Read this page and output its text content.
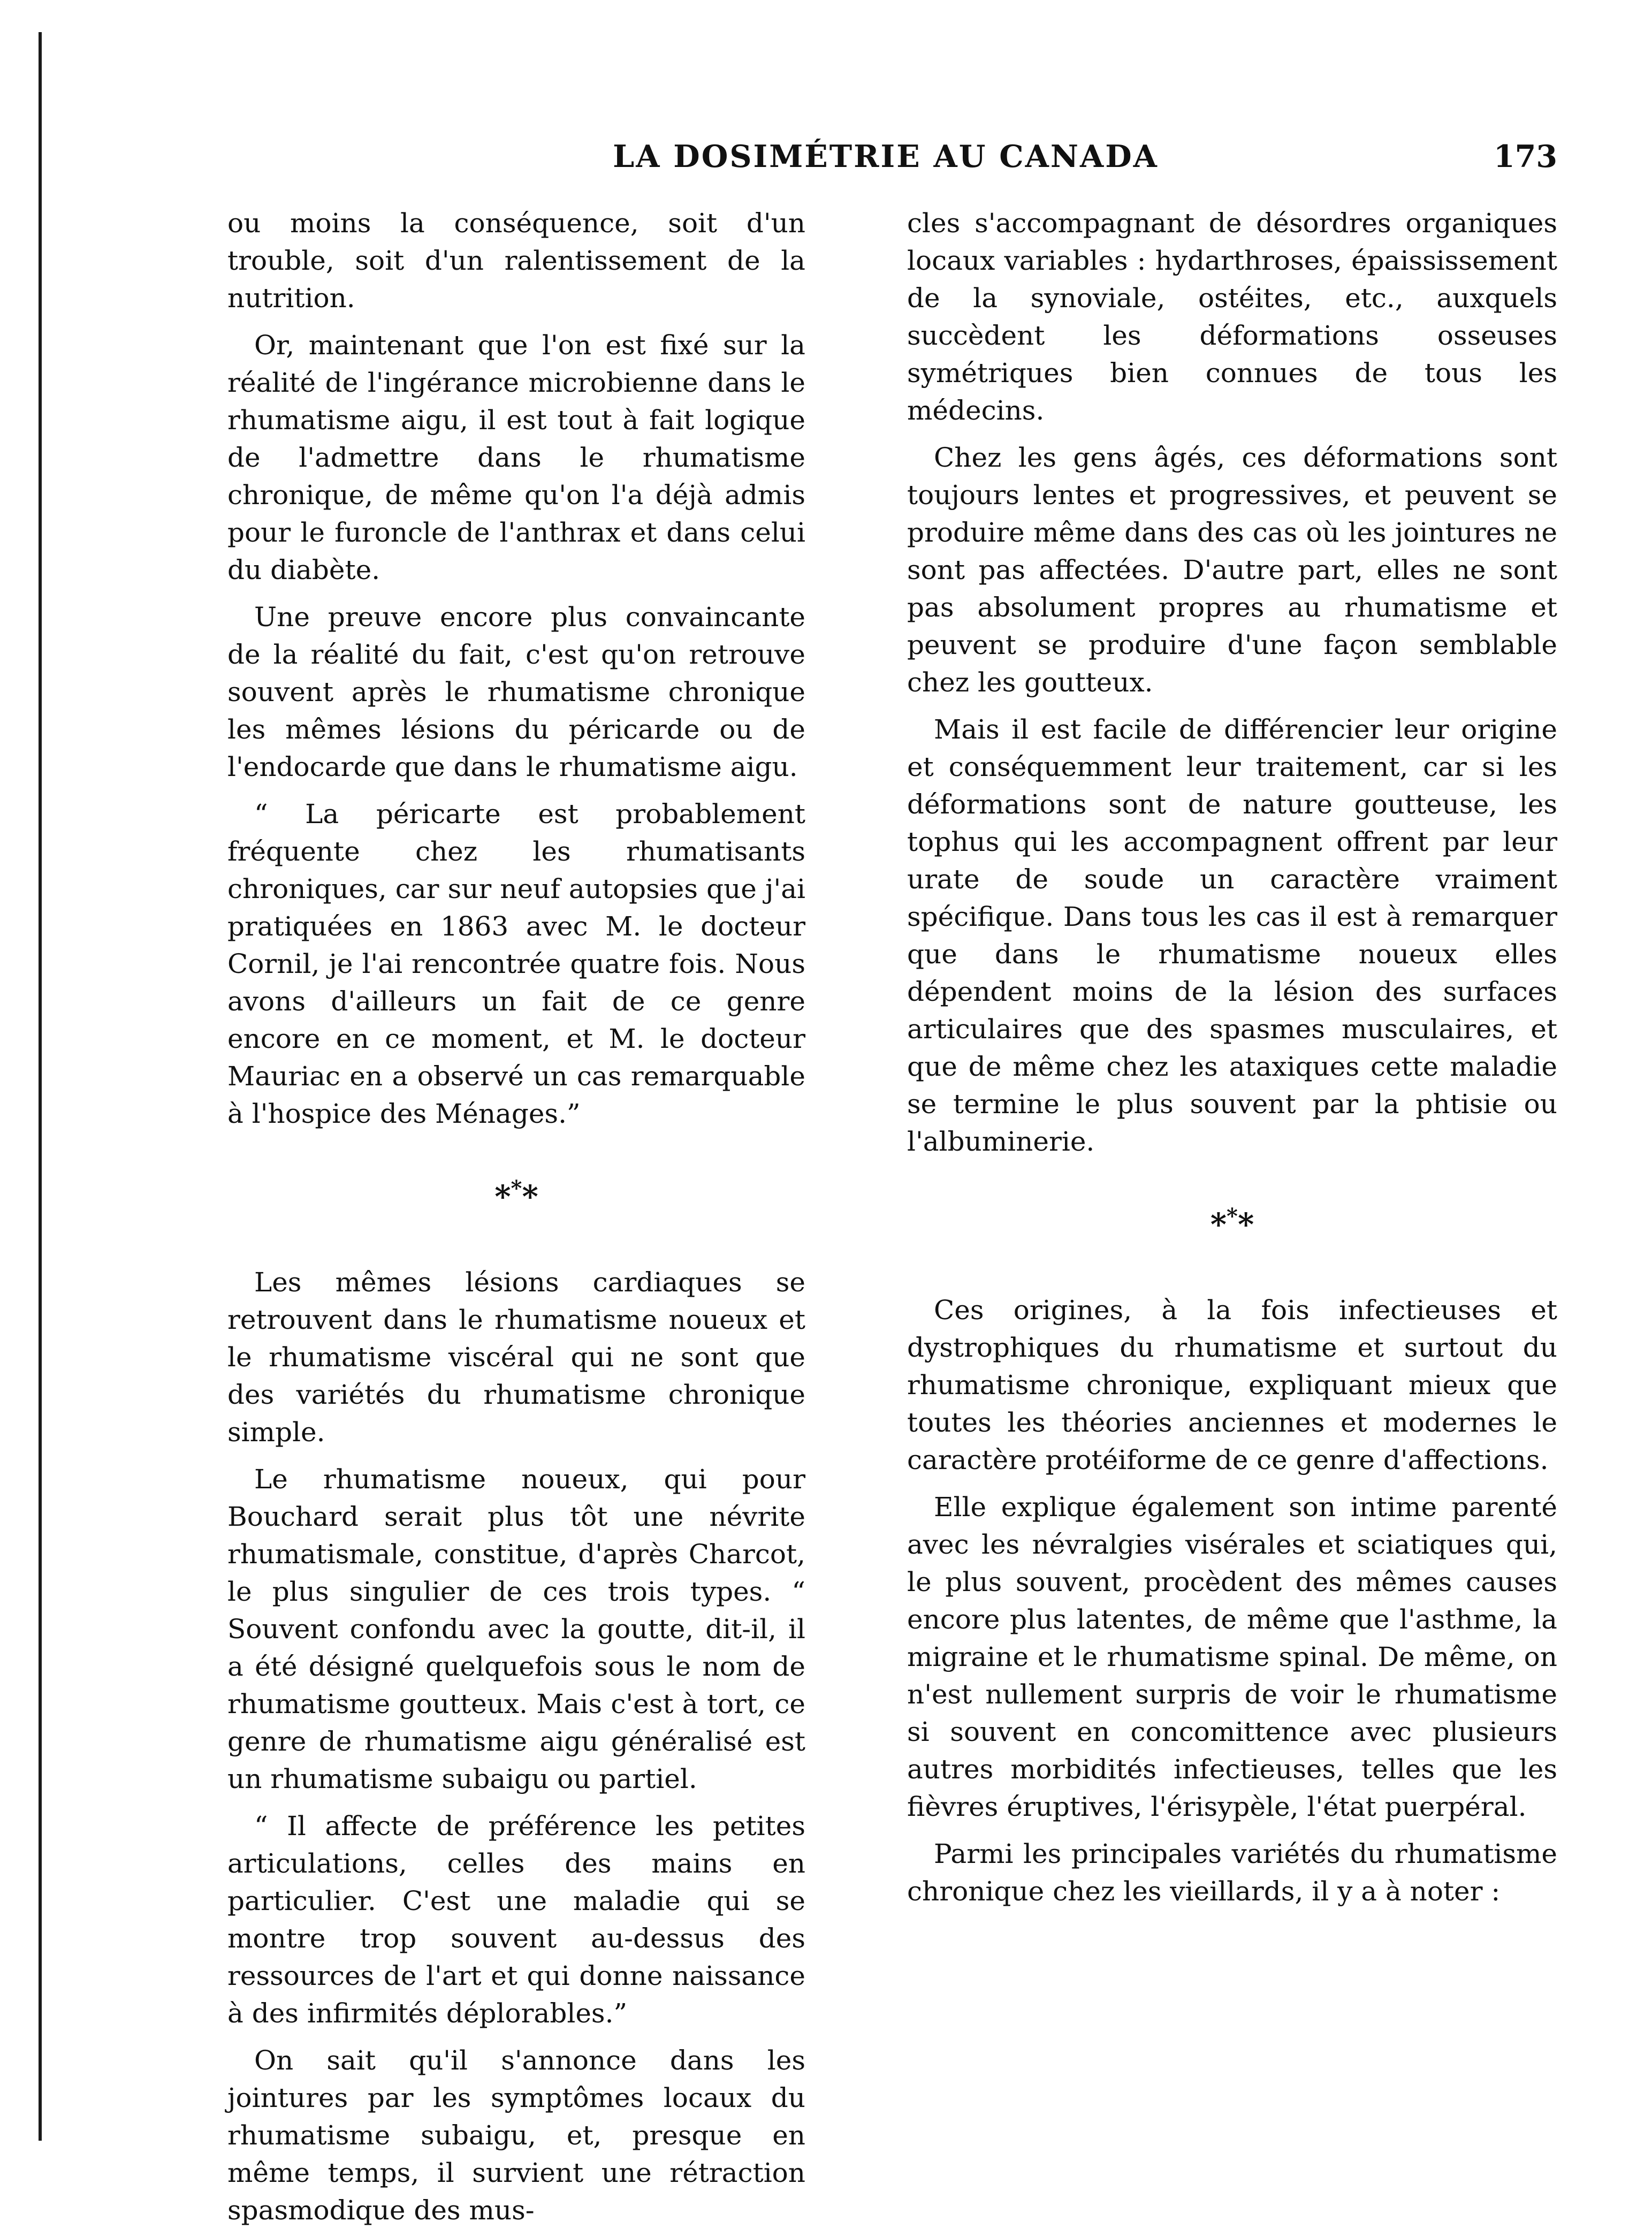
LA DOSIMÉTRIE AU CANADA	173

ou moins la conséquence, soit d'un trouble, soit d'un ralentissement de la nutrition.

Or, maintenant que l'on est fixé sur la réalité de l'ingérance microbienne dans le rhumatisme aigu, il est tout à fait logique de l'admettre dans le rhumatisme chronique, de même qu'on l'a déjà admis pour le furoncle de l'anthrax et dans celui du diabète.

Une preuve encore plus convaincante de la réalité du fait, c'est qu'on retrouve souvent après le rhumatisme chronique les mêmes lésions du péricarde ou de l'endocarde que dans le rhumatisme aigu.

“ La péricarte est probablement fréquente chez les rhumatisants chroniques, car sur neuf autopsies que j'ai pratiquées en 1863 avec M. le docteur Cornil, je l'ai rencontrée quatre fois. Nous avons d'ailleurs un fait de ce genre encore en ce moment, et M. le docteur Mauriac en a observé un cas remarquable à l'hospice des Ménages.”

***

Les mêmes lésions cardiaques se retrouvent dans le rhumatisme noueux et le rhumatisme viscéral qui ne sont que des variétés du rhumatisme chronique simple.

Le rhumatisme noueux, qui pour Bouchard serait plus tôt une névrite rhumatismale, constitue, d'après Charcot, le plus singulier de ces trois types. “ Souvent confondu avec la goutte, dit-il, il a été désigné quelquefois sous le nom de rhumatisme goutteux. Mais c'est à tort, ce genre de rhumatisme aigu généralisé est un rhumatisme subaigu ou partiel.

“ Il affecte de préférence les petites articulations, celles des mains en particulier. C'est une maladie qui se montre trop souvent au-dessus des ressources de l'art et qui donne naissance à des infirmités déplorables.”

On sait qu'il s'annonce dans les jointures par les symptômes locaux du rhumatisme subaigu, et, presque en même temps, il survient une rétraction spasmodique des mus-

cles s'accompagnant de désordres organiques locaux variables : hydarthroses, épaississement de la synoviale, ostéites, etc., auxquels succèdent les déformations osseuses symétriques bien connues de tous les médecins.

Chez les gens âgés, ces déformations sont toujours lentes et progressives, et peuvent se produire même dans des cas où les jointures ne sont pas affectées. D'autre part, elles ne sont pas absolument propres au rhumatisme et peuvent se produire d'une façon semblable chez les goutteux.

Mais il est facile de différencier leur origine et conséquemment leur traitement, car si les déformations sont de nature goutteuse, les tophus qui les accompagnent offrent par leur urate de soude un caractère vraiment spécifique. Dans tous les cas il est à remarquer que dans le rhumatisme noueux elles dépendent moins de la lésion des surfaces articulaires que des spasmes musculaires, et que de même chez les ataxiques cette maladie se termine le plus souvent par la phtisie ou l'albuminerie.

***

Ces origines, à la fois infectieuses et dystrophiques du rhumatisme et surtout du rhumatisme chronique, expliquant mieux que toutes les théories anciennes et modernes le caractère protéiforme de ce genre d'affections.

Elle explique également son intime parenté avec les névralgies visérales et sciatiques qui, le plus souvent, procèdent des mêmes causes encore plus latentes, de même que l'asthme, la migraine et le rhumatisme spinal. De même, on n'est nullement surpris de voir le rhumatisme si souvent en concomittence avec plusieurs autres morbidités infectieuses, telles que les fièvres éruptives, l'érisypèle, l'état puerpéral.

Parmi les principales variétés du rhumatisme chronique chez les vieillards, il y a à noter :
